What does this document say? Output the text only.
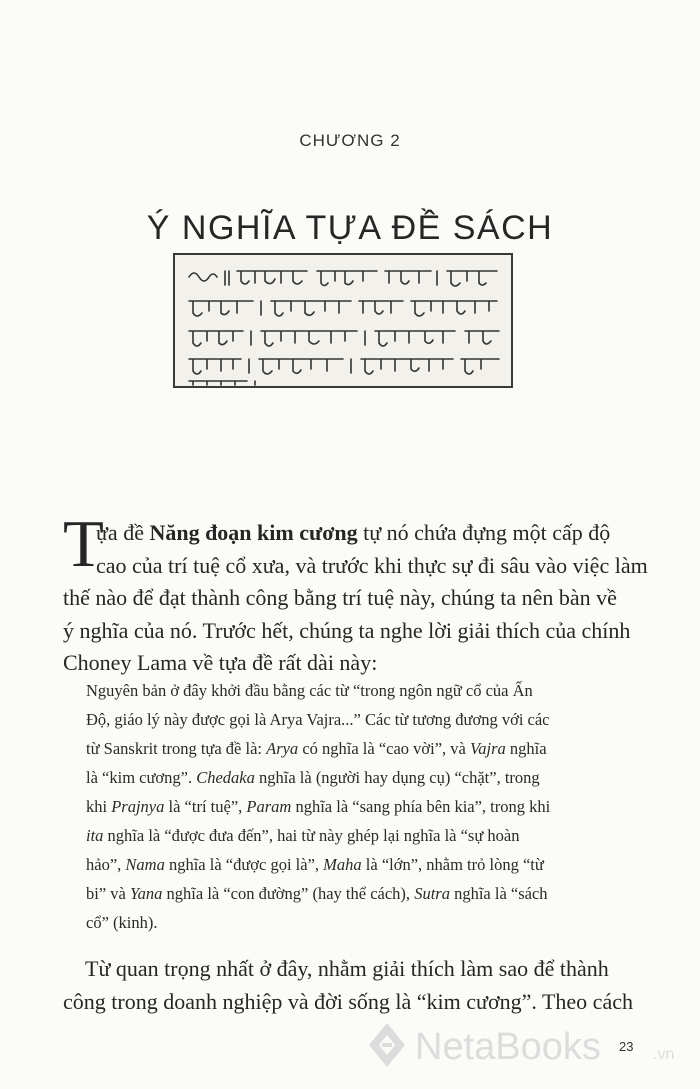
CHƯƠNG 2
Ý NGHĨA TỰA ĐỀ SÁCH
T
ựa đề Năng đoạn kim cương tự nó chứa đựng một cấp độ
cao của trí tuệ cổ xưa, và trước khi thực sự đi sâu vào việc làm
thế nào để đạt thành công bằng trí tuệ này, chúng ta nên bàn về
ý nghĩa của nó. Trước hết, chúng ta nghe lời giải thích của chính
Choney Lama về tựa đề rất dài này:
Nguyên bản ở đây khởi đầu bằng các từ “trong ngôn ngữ cổ của Ấn
Độ, giáo lý này được gọi là Arya Vajra...” Các từ tương đương với các
từ Sanskrit trong tựa đề là: Arya có nghĩa là “cao vời”, và Vajra nghĩa
là “kim cương”. Chedaka nghĩa là (người hay dụng cụ) “chặt”, trong
khi Prajnya là “trí tuệ”, Param nghĩa là “sang phía bên kia”, trong khi
ita nghĩa là “được đưa đến”, hai từ này ghép lại nghĩa là “sự hoàn
hảo”, Nama nghĩa là “được gọi là”, Maha là “lớn”, nhằm trỏ lòng “từ
bi” và Yana nghĩa là “con đường” (hay thể cách), Sutra nghĩa là “sách
cổ” (kinh).
Từ quan trọng nhất ở đây, nhằm giải thích làm sao để thành
công trong doanh nghiệp và đời sống là “kim cương”. Theo cách
NetaBooks	.vn
23
